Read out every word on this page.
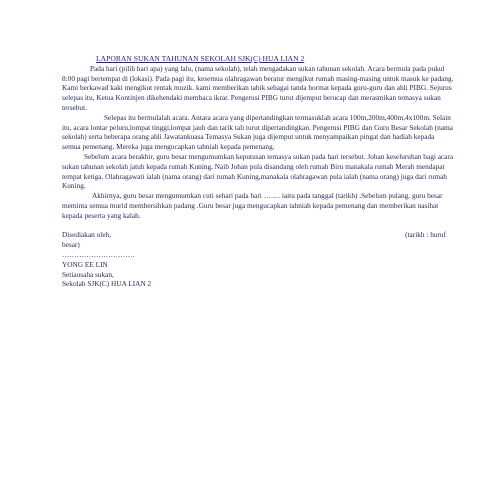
LAPORAN SUKAN TAHUNAN SEKOLAH SJK(C) HUA LIAN 2

Pada hari (pilih hari apa) yang lalu, (nama sekolah), telah mengadakan sukan tahunan sekolah. Acara bermula pada pukul 8:00 pagi bertempat di (lokasi). Pada pagi itu, kesemua olahragawan beratur mengikut rumah masing-masing untuk masuk ke padang. Kami berkawad kaki mengikut rentak muzik. kami memberikan tabik sebagai tanda hormat kepada guru-guru dan ahli PIBG. Sejurus selepas itu, Ketua Kontinjen dikehendaki membaca ikrar. Pengerusi PIBG turut dijemput berucap dan merasmikan temasya sukan tersebut.

Selepas itu bermulalah acara. Antara acara yang dipertandingkan termasuklah acara 100m,200m,400m,4x100m. Selain itu, acara lontar peluru,lompat tinggi,lompat jauh dan tarik tali turut dipertandingkan. Pengerusi PIBG dan Guru Besar Sekolah (nama sekolah) serta beberapa orang ahli Jawatankuasa Temasya Sukan juga dijemput untuk menyampaikan pingat dan hadiah kepada semua pemenang. Mereka juga mengucapkan tahniah kepada pemenang.

Sebelum acara berakhir, guru besar mengumumkan keputusan temasya sukan pada hari tersebut. Johan keseluruhan bagi acara sukan tahunan sekolah jatuh kepada rumah Kuning, Naib Johan pula disandang oleh rumah Biru manakala rumah Merah mendapat tempat ketiga. Olahragawati ialah (nama orang) dari rumah Kuning,manakala olahragawan pula ialah (nama orang) juga dari rumah Kuning.

Akhirnya, guru besar mengumumkan cuti sehari pada hari ……. iaitu pada tanggal (tarikh) .Sebelum pulang, guru besar meminta semua murid membersihkan padang .Guru besar juga mengucapkan tahniah kepada pemenang dan memberikan nasihat kepada peserta yang kalah.

Disediakan oleh,	(tarikh : huruf

besar)

…………………………

YONG EE LIN

Setiausaha sukan,

Sekolah SJK(C) HUA LIAN 2
